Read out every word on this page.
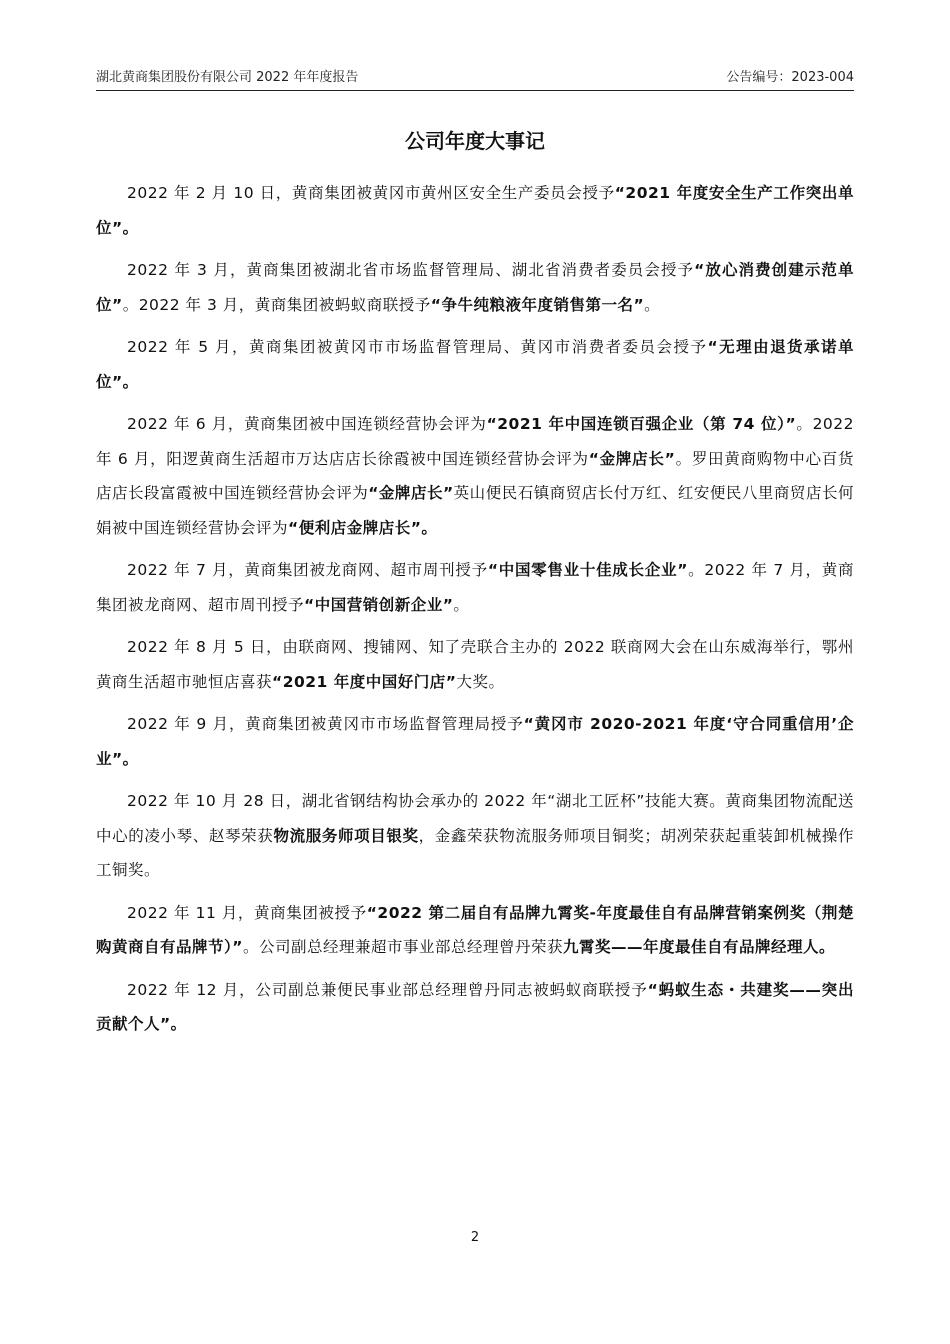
湖北黄商集团股份有限公司 2022 年年度报告	公告编号：2023-004
公司年度大事记

2022 年 2 月 10 日，黄商集团被黄冈市黄州区安全生产委员会授予“2021 年度安全生产工作突出单位”。

2022 年 3 月，黄商集团被湖北省市场监督管理局、湖北省消费者委员会授予“放心消费创建示范单位”。2022 年 3 月，黄商集团被蚂蚁商联授予“争牛纯粮液年度销售第一名”。

2022 年 5 月，黄商集团被黄冈市市场监督管理局、黄冈市消费者委员会授予“无理由退货承诺单位”。

2022 年 6 月，黄商集团被中国连锁经营协会评为“2021 年中国连锁百强企业（第 74 位）”。2022 年 6 月，阳逻黄商生活超市万达店店长徐霞被中国连锁经营协会评为“金牌店长”。罗田黄商购物中心百货店店长段富霞被中国连锁经营协会评为“金牌店长”英山便民石镇商贸店长付万红、红安便民八里商贸店长何娟被中国连锁经营协会评为“便利店金牌店长”。

2022 年 7 月，黄商集团被龙商网、超市周刊授予“中国零售业十佳成长企业”。2022 年 7 月，黄商集团被龙商网、超市周刊授予“中国营销创新企业”。

2022 年 8 月 5 日，由联商网、搜铺网、知了壳联合主办的 2022 联商网大会在山东威海举行，鄂州黄商生活超市驰恒店喜获“2021 年度中国好门店”大奖。

2022 年 9 月，黄商集团被黄冈市市场监督管理局授予“黄冈市 2020-2021 年度‘守合同重信用’企业”。

2022 年 10 月 28 日，湖北省钢结构协会承办的 2022 年“湖北工匠杯”技能大赛。黄商集团物流配送中心的凌小琴、赵琴荣获物流服务师项目银奖，金鑫荣获物流服务师项目铜奖；胡冽荣获起重装卸机械操作工铜奖。

2022 年 11 月，黄商集团被授予“2022 第二届自有品牌九霄奖-年度最佳自有品牌营销案例奖（荆楚购黄商自有品牌节）”。公司副总经理兼超市事业部总经理曾丹荣获九霄奖——年度最佳自有品牌经理人。

2022 年 12 月，公司副总兼便民事业部总经理曾丹同志被蚂蚁商联授予“蚂蚁生态・共建奖——突出贡献个人”。

2
